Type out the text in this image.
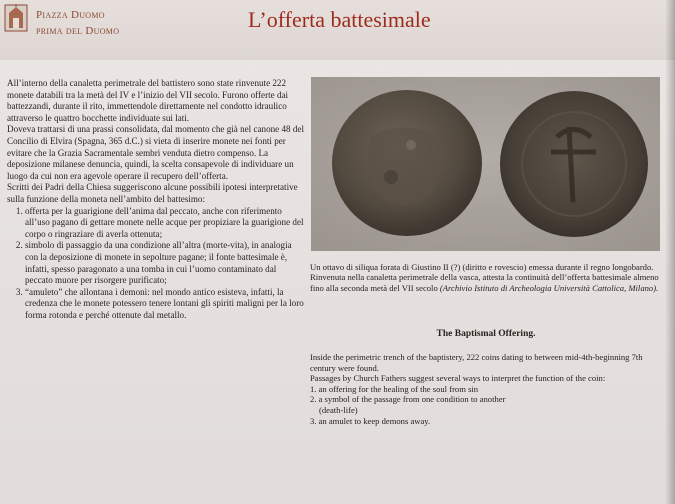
Piazza Duomo
prima del Duomo	L’offerta battesimale

All’interno della canaletta perimetrale del battistero sono state rinvenute 222 monete databili tra la metà del IV e l’inizio del VII secolo. Furono offerte dai battezzandi, durante il rito, immettendole direttamente nel condotto idraulico attraverso le quattro bocchette individuate sui lati.

Doveva trattarsi di una prassi consolidata, dal momento che già nel canone 48 del Concilio di Elvira (Spagna, 365 d.C.) si vieta di inserire monete nei fonti per evitare che la Grazia Sacramentale sembri venduta dietro compenso. La deposizione milanese denuncia, quindi, la scelta consapevole di individuare un luogo da cui non era agevole operare il recupero dell’offerta.

Scritti dei Padri della Chiesa suggeriscono alcune possibili ipotesi interpretative sulla funzione della moneta nell’ambito del battesimo:

1. offerta per la guarigione dell’anima dal peccato, anche con riferimento all’uso pagano di gettare monete nelle acque per propiziare la guarigione del corpo o ringraziare di averla ottenuta;
2. simbolo di passaggio da una condizione all’altra (morte-vita), in analogia con la deposizione di monete in sepolture pagane; il fonte battesimale è, infatti, spesso paragonato a una tomba in cui l’uomo contaminato dal peccato muore per risorgere purificato;
3. “amuleto” che allontana i demoni: nel mondo antico esisteva, infatti, la credenza che le monete potessero tenere lontani gli spiriti maligni per la loro forma rotonda e perché ottenute dal metallo.
Un ottavo di siliqua forata di Giustino II (?) (diritto e rovescio) emessa durante il regno longobardo. Rinvenuta nella canaletta perimetrale della vasca, attesta la continuità dell’offerta battesimale almeno fino alla seconda metà del VII secolo (Archivio Istituto di Archeologia Università Cattolica, Milano).
The Baptismal Offering.

Inside the perimetric trench of the baptistery, 222 coins dating to between mid-4th-beginning 7th century were found.

Passages by Church Fathers suggest several ways to interpret the function of the coin:

1. an offering for the healing of the soul from sin

2. a symbol of the passage from one condition to another

(death-life)

3. an amulet to keep demons away.
